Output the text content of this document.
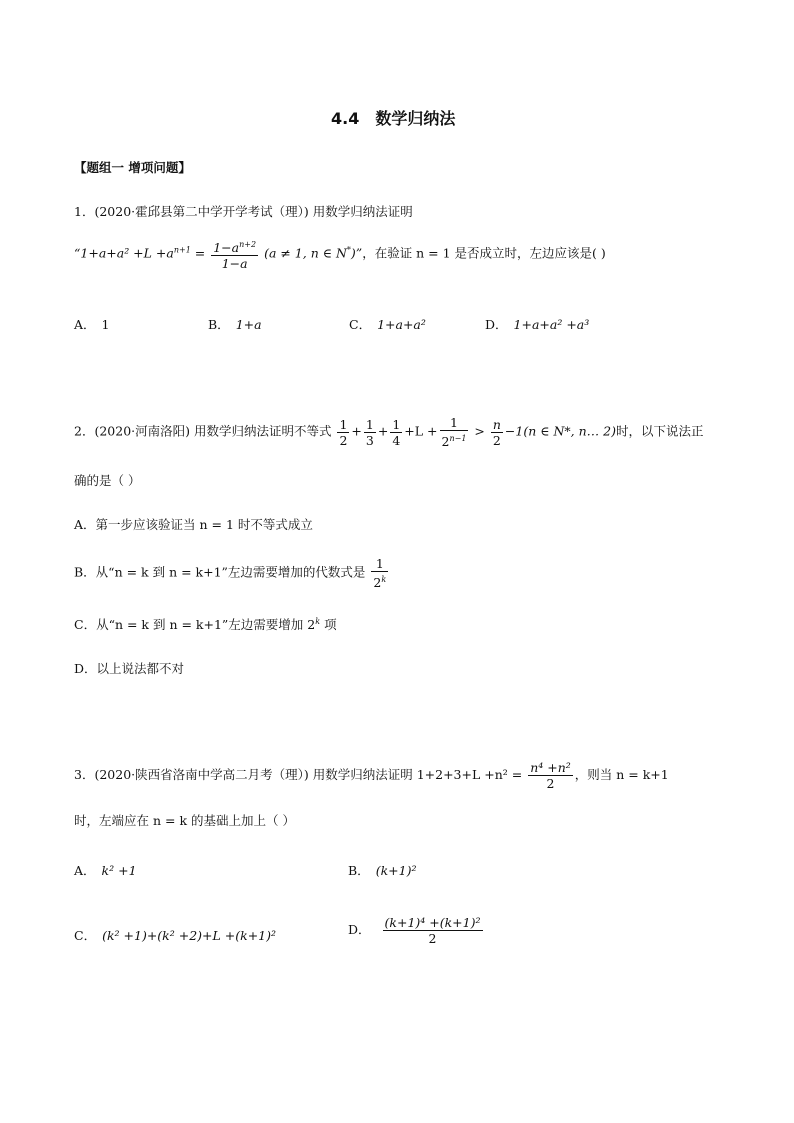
4.4　数学归纳法
【题组一 增项问题】
1．(2020·霍邱县第二中学开学考试（理）) 用数学归纳法证明
“$1+a+a^2 +L +a^{n+1} = \frac{1-a^{n+2}}{1-a} (a \ne 1$, n ∈ N*)”，在验证 n = 1 是否成立时，左边应该是( )
A． 1	B． 1+a	C． 1+a+a²	D． 1+a+a² +a³
2．(2020·河南洛阳) 用数学归纳法证明不等式 $\frac{1}{2} + \frac{1}{3} + \frac{1}{4} +L + \frac{1}{2^{n-1}} > \frac{n}{2} -1(n$ ∈ N*, n… 2)时，以下说法正
确的是（ ）
A．第一步应该验证当 n = 1 时不等式成立
B．从“n = k 到 n = k+1”左边需要增加的代数式是 $\frac{1}{2^k}$
C．从“n = k 到 n = k+1”左边需要增加 2$^k$ 项
D．以上说法都不对
3．(2020·陕西省洛南中学高二月考（理）) 用数学归纳法证明 $1+2+3+L +n^2 = \frac{\text{n⁴ +n²}}{2}$ ，则当 n = k+1
时，左端应在 n = k 的基础上加上（ ）
A． k² +1	B． (k+1)²
C． (k² +1)+(k² +2)+L +(k+1)²	D． $\frac{\text{(k+1)⁴ +(k+1)²}}{2}$
